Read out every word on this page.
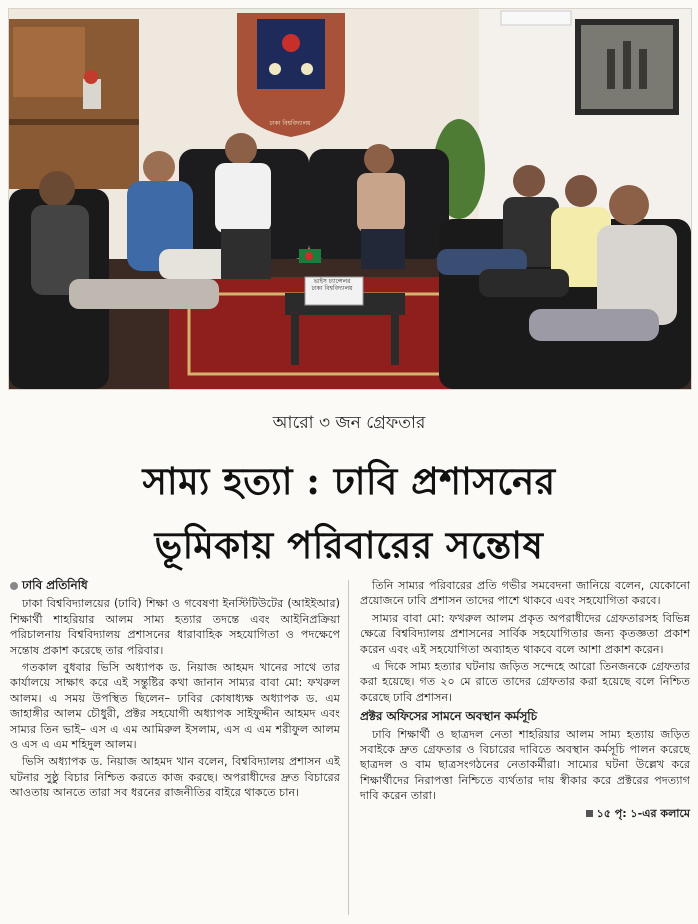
আরো ৩ জন গ্রেফতার
সাম্য হত্যা : ঢাবি প্রশাসনের
ভূমিকায় পরিবারের সন্তোষ
ঢাবি প্রতিনিধি

ঢাকা বিশ্ববিদ্যালয়ের (ঢাবি) শিক্ষা ও গবেষণা ইনস্টিটিউটের (আইইআর) শিক্ষার্থী শাহরিয়ার আলম সাম্য হত্যার তদন্তে এবং আইনিপ্রক্রিয়া পরিচালনায় বিশ্ববিদ্যালয় প্রশাসনের ধারাবাহিক সহযোগিতা ও পদক্ষেপে সন্তোষ প্রকাশ করেছে তার পরিবার।

গতকাল বুধবার ভিসি অধ্যাপক ড. নিয়াজ আহমদ খানের সাথে তার কার্যালয়ে সাক্ষাৎ করে এই সন্তুষ্টির কথা জানান সাম্যর বাবা মো: ফখরুল আলম। এ সময় উপস্থিত ছিলেন– ঢাবির কোষাধ্যক্ষ অধ্যাপক ড. এম জাহাঙ্গীর আলম চৌধুরী, প্রক্টর সহযোগী অধ্যাপক সাইফুদ্দীন আহমদ এবং সাম্যর তিন ভাই– এস এ এম আমিরুল ইসলাম, এস এ এম শরীফুল আলম ও এস এ এম শহিদুল আলম।

ভিসি অধ্যাপক ড. নিয়াজ আহমদ খান বলেন, বিশ্ববিদ্যালয় প্রশাসন এই ঘটনার সুষ্ঠু বিচার নিশ্চিত করতে কাজ করছে। অপরাধীদের দ্রুত বিচারের আওতায় আনতে তারা সব ধরনের রাজনীতির বাইরে থাকতে চান।

তিনি সাম্যর পরিবারের প্রতি গভীর সমবেদনা জানিয়ে বলেন, যেকোনো প্রয়োজনে ঢাবি প্রশাসন তাদের পাশে থাকবে এবং সহযোগিতা করবে।

সাম্যর বাবা মো: ফখরুল আলম প্রকৃত অপরাধীদের গ্রেফতারসহ বিভিন্ন ক্ষেত্রে বিশ্ববিদ্যালয় প্রশাসনের সার্বিক সহযোগিতার জন্য কৃতজ্ঞতা প্রকাশ করেন এবং এই সহযোগিতা অব্যাহত থাকবে বলে আশা প্রকাশ করেন।

এ দিকে সাম্য হত্যার ঘটনায় জড়িত সন্দেহে আরো তিনজনকে গ্রেফতার করা হয়েছে। গত ২০ মে রাতে তাদের গ্রেফতার করা হয়েছে বলে নিশ্চিত করেছে ঢাবি প্রশাসন।

প্রক্টর অফিসের সামনে অবস্থান কর্মসূচি

ঢাবি শিক্ষার্থী ও ছাত্রদল নেতা শাহরিয়ার আলম সাম্য হত্যায় জড়িত সবাইকে দ্রুত গ্রেফতার ও বিচারের দাবিতে অবস্থান কর্মসূচি পালন করেছে ছাত্রদল ও বাম ছাত্রসংগঠনের নেতাকর্মীরা। সাম্যের ঘটনা উল্লেখ করে শিক্ষার্থীদের নিরাপত্তা নিশ্চিতে ব্যর্থতার দায় স্বীকার করে প্রক্টরের পদত্যাগ দাবি করেন তারা।

১৫ পৃ: ১-এর কলামে
ভাইস চ্যান্সেলর
ঢাকা বিশ্ববিদ্যালয়
ঢাকা বিশ্ববিদ্যালয়
